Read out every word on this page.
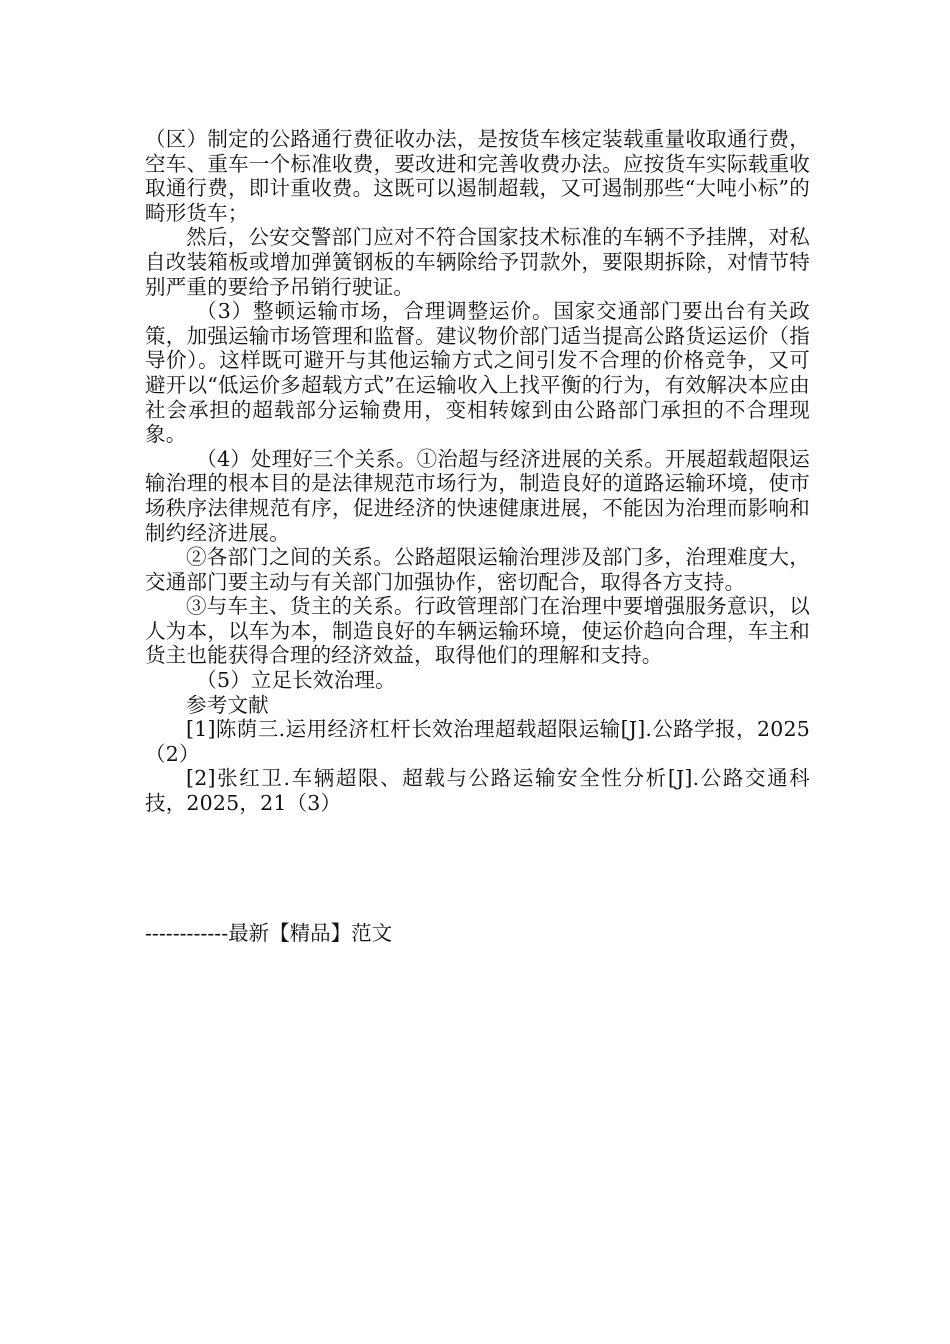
（区）制定的公路通行费征收办法，是按货车核定装载重量收取通行费，空车、重车一个标准收费，要改进和完善收费办法。应按货车实际载重收取通行费，即计重收费。这既可以遏制超载，又可遏制那些“大吨小标”的畸形货车；

然后，公安交警部门应对不符合国家技术标准的车辆不予挂牌，对私自改装箱板或增加弹簧钢板的车辆除给予罚款外，要限期拆除，对情节特别严重的要给予吊销行驶证。

（3）整顿运输市场，合理调整运价。国家交通部门要出台有关政策，加强运输市场管理和监督。建议物价部门适当提高公路货运运价（指导价）。这样既可避开与其他运输方式之间引发不合理的价格竞争，又可避开以“低运价多超载方式”在运输收入上找平衡的行为，有效解决本应由社会承担的超载部分运输费用，变相转嫁到由公路部门承担的不合理现象。

（4）处理好三个关系。①治超与经济进展的关系。开展超载超限运输治理的根本目的是法律规范市场行为，制造良好的道路运输环境，使市场秩序法律规范有序，促进经济的快速健康进展，不能因为治理而影响和制约经济进展。

②各部门之间的关系。公路超限运输治理涉及部门多，治理难度大，交通部门要主动与有关部门加强协作，密切配合，取得各方支持。

③与车主、货主的关系。行政管理部门在治理中要增强服务意识，以人为本，以车为本，制造良好的车辆运输环境，使运价趋向合理，车主和货主也能获得合理的经济效益，取得他们的理解和支持。

（5）立足长效治理。

参考文献

[1]陈荫三.运用经济杠杆长效治理超载超限运输[J].公路学报，2025（2）

[2]张红卫.车辆超限、超载与公路运输安全性分析[J].公路交通科技，2025，21（3）

------------最新【精品】范文
